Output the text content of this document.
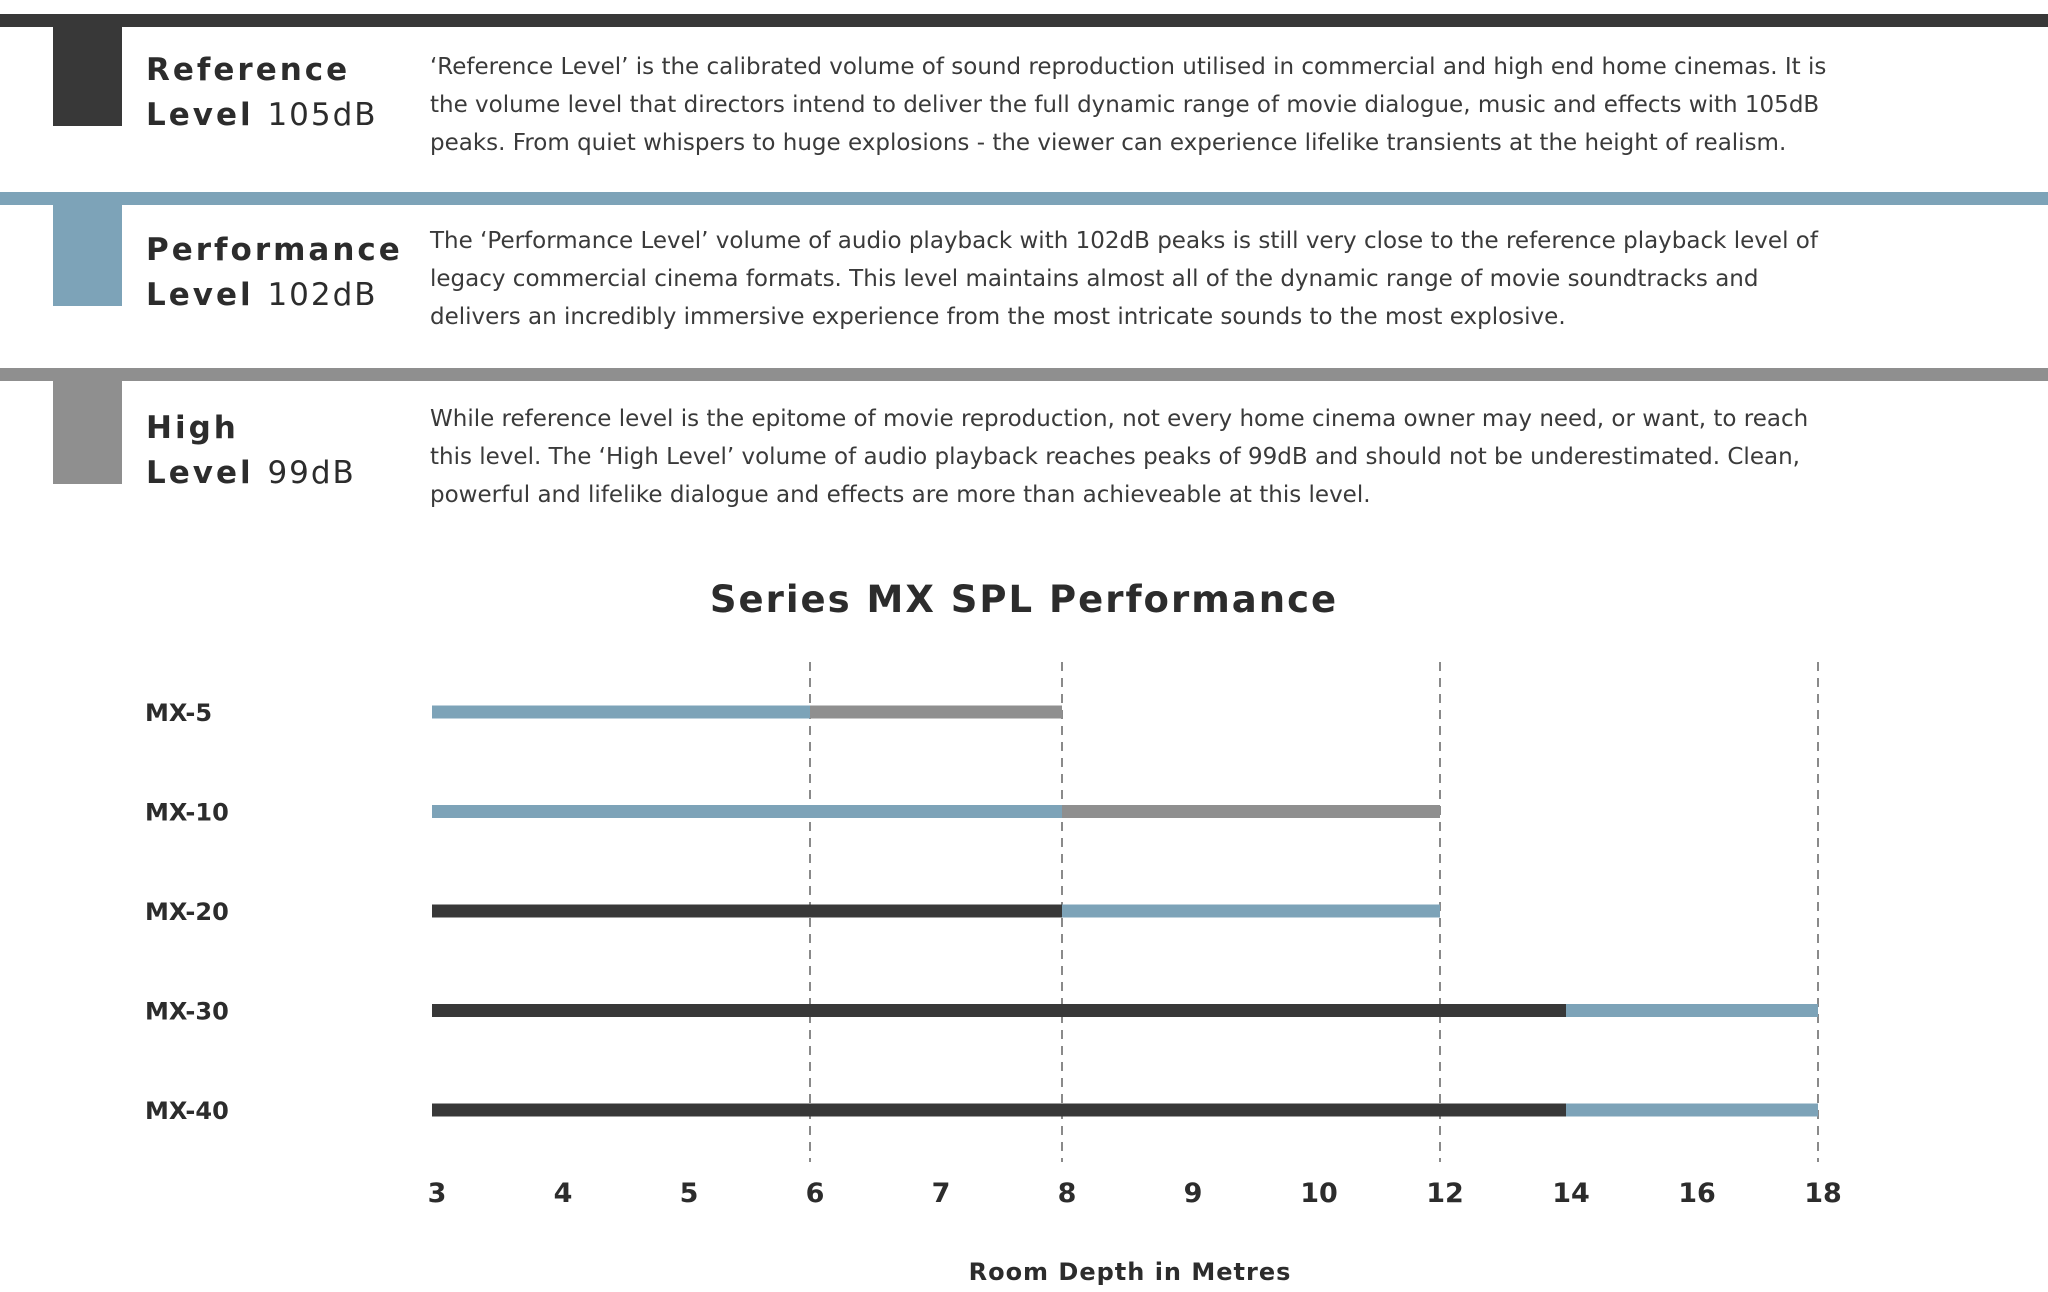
Reference
Level 105dB
‘Reference Level’ is the calibrated volume of sound reproduction utilised in commercial and high end home cinemas. It is the volume level that directors intend to deliver the full dynamic range of movie dialogue, music and effects with 105dB peaks. From quiet whispers to huge explosions - the viewer can experience lifelike transients at the height of realism.
Performance
Level 102dB
The ‘Performance Level’ volume of audio playback with 102dB peaks is still very close to the reference playback level of legacy commercial cinema formats. This level maintains almost all of the dynamic range of movie soundtracks and delivers an incredibly immersive experience from the most intricate sounds to the most explosive.
High
Level 99dB
While reference level is the epitome of movie reproduction, not every home cinema owner may need, or want, to reach this level. The ‘High Level’ volume of audio playback reaches peaks of 99dB and should not be underestimated. Clean, powerful and lifelike dialogue and effects are more than achieveable at this level.
Series MX SPL Performance
MX-5
MX-10
MX-20
MX-30
MX-40
3	4	5	6	7	8	9	10	12	14	16	18
Room Depth in Metres
